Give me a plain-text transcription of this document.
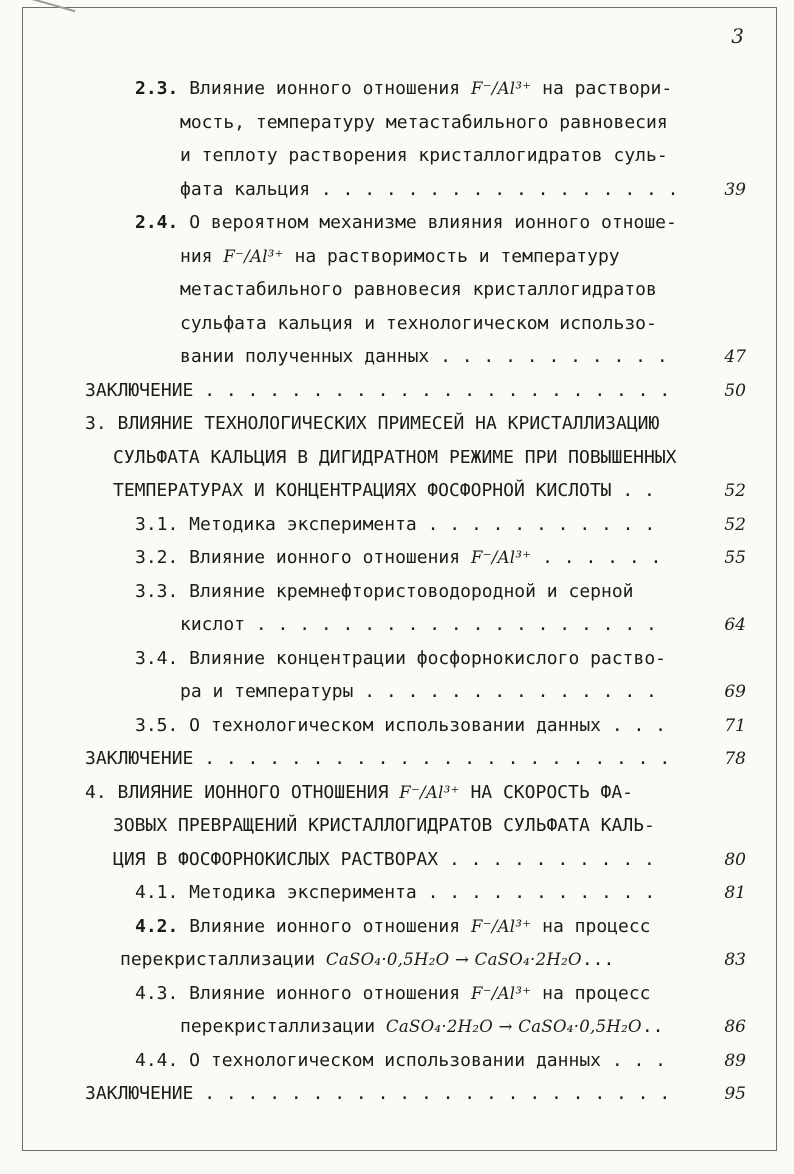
3
2.3. Влияние ионного отношения F⁻/Al³⁺ на раствори-
мость, температуру метастабильного равновесия
и теплоту растворения кристаллогидратов суль-
фата кальция . . . . . . . . . . . . . . . . .	39
2.4. О вероятном механизме влияния ионного отноше-
ния F⁻/Al³⁺ на растворимость и температуру
метастабильного равновесия кристаллогидратов
сульфата кальция и технологическом использо-
вании полученных данных . . . . . . . . . . .	47
ЗАКЛЮЧЕНИЕ . . . . . . . . . . . . . . . . . . . . . .	50
3. ВЛИЯНИЕ ТЕХНОЛОГИЧЕСКИХ ПРИМЕСЕЙ НА КРИСТАЛЛИЗАЦИЮ
СУЛЬФАТА КАЛЬЦИЯ В ДИГИДРАТНОМ РЕЖИМЕ ПРИ ПОВЫШЕННЫХ
ТЕМПЕРАТУРАХ И КОНЦЕНТРАЦИЯХ ФОСФОРНОЙ КИСЛОТЫ . .	52
3.1. Методика эксперимента . . . . . . . . . . .	52
3.2. Влияние ионного отношения F⁻/Al³⁺ . . . . . .	55
3.3. Влияние кремнефтористоводородной и серной
кислот . . . . . . . . . . . . . . . . . . .	64
3.4. Влияние концентрации фосфорнокислого раство-
ра и температуры . . . . . . . . . . . . . .	69
3.5. О технологическом использовании данных . . .	71
ЗАКЛЮЧЕНИЕ . . . . . . . . . . . . . . . . . . . . . .	78
4. ВЛИЯНИЕ ИОННОГО ОТНОШЕНИЯ F⁻/Al³⁺ НА СКОРОСТЬ ФА-
ЗОВЫХ ПРЕВРАЩЕНИЙ КРИСТАЛЛОГИДРАТОВ СУЛЬФАТА КАЛЬ-
ЦИЯ В ФОСФОРНОКИСЛЫХ РАСТВОРАХ . . . . . . . . . .	80
4.1. Методика эксперимента . . . . . . . . . . .	81
4.2. Влияние ионного отношения F⁻/Al³⁺ на процесс
перекристаллизации CaSO₄·0,5H₂O → CaSO₄·2H₂O...	83
4.3. Влияние ионного отношения F⁻/Al³⁺ на процесс
перекристаллизации CaSO₄·2H₂O → CaSO₄·0,5H₂O..	86
4.4. О технологическом использовании данных . . .	89
ЗАКЛЮЧЕНИЕ . . . . . . . . . . . . . . . . . . . . . .	95
